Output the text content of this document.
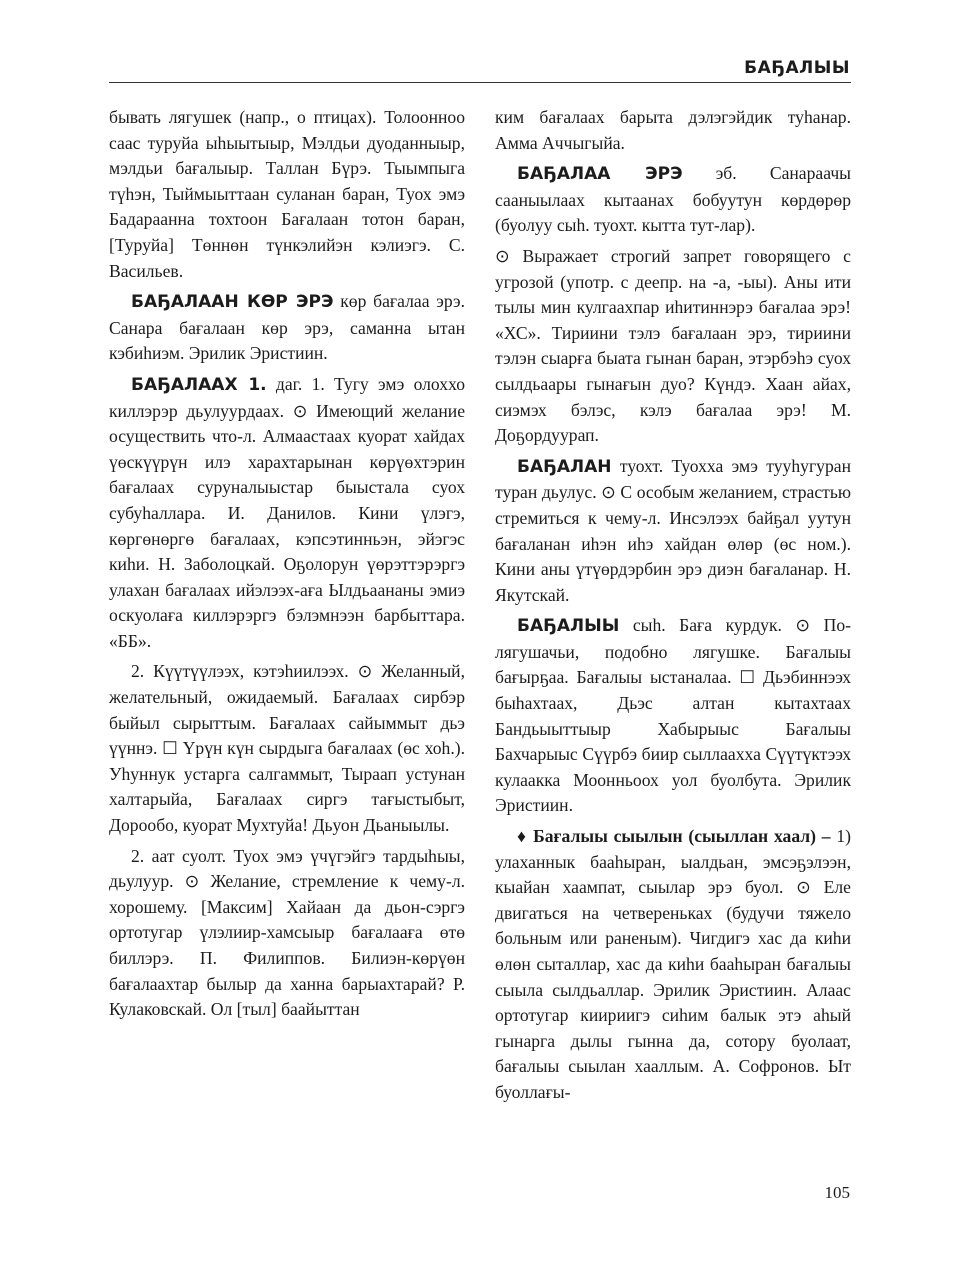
БАҔАЛЫЫ

бывать лягушек (напр., о птицах). Толоонноо саас туруйа ыһыытыыр, Мэлдьи дуоданныыр, мэлдьи бағалыыр. Таллан Бүрэ. Тыымпыга түһэн, Тыймыыттаан суланан баран, Туох эмэ Бадараанна тохтоон Бағалаан тотон баран, [Туруйа] Төннөн түнкэлийэн кэлиэгэ. С. Васильев.

БАҔАЛААН КӨР ЭРЭ көр бағалаа эрэ. Санара бағалаан көр эрэ, саманна ытан кэбиһиэм. Эрилик Эристиин.

БАҔАЛААХ 1. даг. 1. Тугу эмэ олоххо киллэрэр дьулуурдаах. ⊙ Имеющий желание осуществить что-л. Алмаастаах куорат хайдах үөскүүрүн илэ харахтарынан көрүөхтэрин бағалаах суруналыыстар быыстала суох субуһаллара. И. Данилов. Кини үлэгэ, көргөнөргө бағалаах, кэпсэтинньэн, эйэгэс киһи. Н. Заболоцкай. Оҕолорун үөрэттэрэргэ улахан бағалаах ийэлээх-аға Ылдьаананы эмиэ оскуолаға киллэрэргэ бэлэмнээн барбыттара. «ББ».

2. Күүтүүлээх, кэтэһиилээх. ⊙ Желанный, желательный, ожидаемый. Бағалаах сирбэр быйыл сырыттым. Бағалаах сайыммыт дьэ үүннэ. ☐ Үрүн күн сырдыга бағалаах (өс хоһ.). Уһуннук устарга салгаммыт, Тыраап устунан халтарыйа, Бағалаах сиргэ тағыстыбыт, Дорообо, куорат Мухтуйа! Дьуон Дьаныылы.

2. аат суолт. Туох эмэ үчүгэйгэ тардыһыы, дьулуур. ⊙ Желание, стремление к чему-л. хорошему. [Максим] Хайаан да дьон-сэргэ ортотугар үлэлиир-хамсыыр бағалааға өтө биллэрэ. П. Филиппов. Билиэн-көрүөн бағалаахтар былыр да ханна барыахтарай? Р. Кулаковскай. Ол [тыл] баайыттан

ким бағалаах барыта дэлэгэйдик туһанар. Амма Аччыгыйа.

БАҔАЛАА ЭРЭ эб. Санараачы сааныылаах кытаанах бобуутун көрдөрөр (буолуу сыһ. туохт. кытта тут-лар).

⊙ Выражает строгий запрет говорящего с угрозой (употр. с деепр. на -а, -ыы). Аны ити тылы мин кулгаахпар иһитиннэрэ бағалаа эрэ! «ХС». Тириини тэлэ бағалаан эрэ, тириини тэлэн сыарға быата гынан баран, этэрбэһэ суох сылдьаары гынағын дуо? Күндэ. Хаан айах, сиэмэх бэлэс, кэлэ бағалаа эрэ! М. Доҕордуурап.

БАҔАЛАН туохт. Туохха эмэ тууһугуран туран дьулус. ⊙ С особым желанием, страстью стремиться к чему-л. Инсэлээх байҕал уутун бағаланан иһэн иһэ хайдан өлөр (өс ном.). Кини аны үтүөрдэрбин эрэ диэн бағаланар. Н. Якутскай.

БАҔАЛЫЫ сыһ. Баға курдук. ⊙ По-лягушачьи, подобно лягушке. Бағалыы бағырҕаа. Бағалыы ыстаналаа. ☐ Дьэбиннээх быһахтаах, Дьэс алтан кытахтаах Бандьыыттыыр Хабырыыс Бағалыы Бахчарыыс Сүүрбэ биир сыллаахха Сүүтүктээх кулаакка Моонньоох уол буолбута. Эрилик Эристиин.

♦ Бағалыы сыылын (сыыллан хаал) – 1) улаханнык бааһыран, ыалдьан, эмсэҕэлээн, кыайан хаампат, сыылар эрэ буол. ⊙ Еле двигаться на четвереньках (будучи тяжело больным или раненым). Чигдигэ хас да киһи өлөн сыталлар, хас да киһи бааһыран бағалыы сыыла сылдьаллар. Эрилик Эристиин. Алаас ортотугар киириигэ сиһим балык этэ аһый гынарга дылы гынна да, сотору буолаат, бағалыы сыылан хааллым. А. Софронов. Ыт буоллағы-

105
